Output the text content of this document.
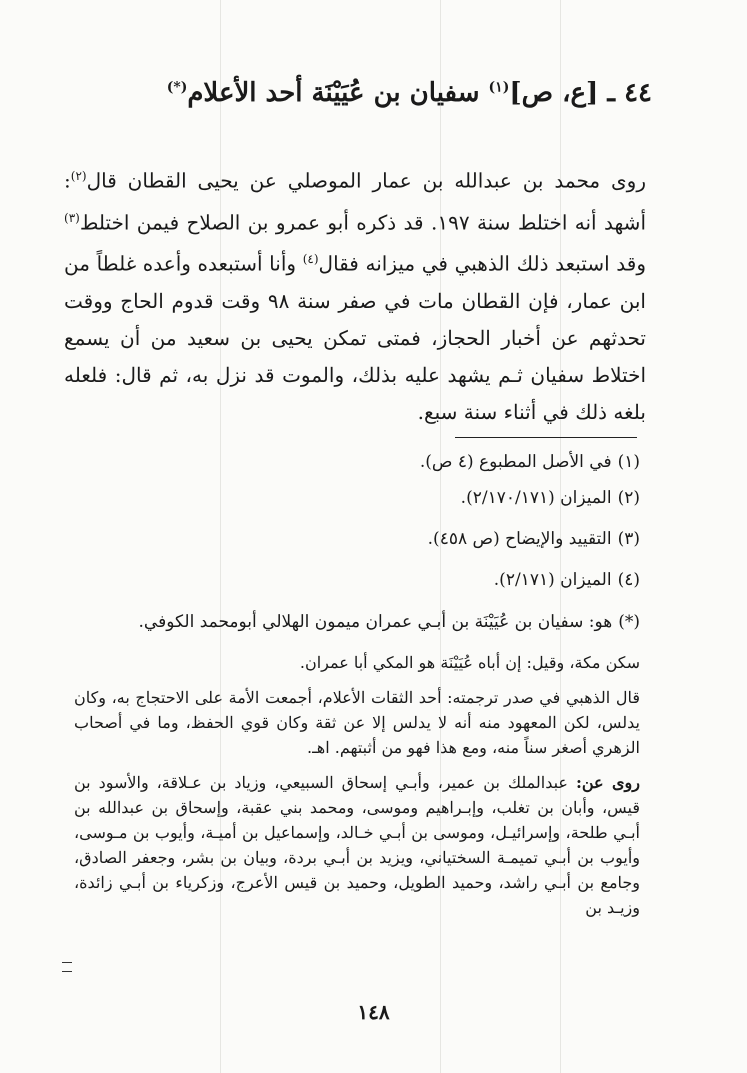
٤٤ ـ [ع، ص]$^{(١)}$ سفيان بن عُيَيْنَة أحد الأعلام(*)

روى محمد بن عبدالله بن عمار الموصلي عن يحيى القطان قال$^{(٢)}$: أشهد أنه اختلط سنة ١٩٧. قد ذكره أبو عمرو بن الصلاح فيمن اختلط$^{(٣)}$ وقد استبعد ذلك الذهبي في ميزانه فقال$^{(٤)}$ وأنا أستبعده وأعده غلطاً من ابن عمار، فإن القطان مات في صفر سنة ٩٨ وقت قدوم الحاج ووقت تحدثهم عن أخبار الحجاز، فمتى تمكن يحيى بن سعيد من أن يسمع اختلاط سفيان ثـم يشهد عليه بذلك، والموت قد نزل به، ثم قال: فلعله بلغه ذلك في أثناء سنة سبع.

(١)في الأصل المطبوع (٤ ص).
(٢)الميزان (٢/١٧٠/١٧١).
(٣)التقييد والإيضاح (ص ٤٥٨).
(٤)الميزان (٢/١٧١).
(*)هو: سفيان بن عُيَيْنَة بن أبـي عمران ميمون الهلالي أبومحمد الكوفي.

سكن مكة، وقيل: إن أباه عُيَيْنَة هو المكي أبا عمران.

قال الذهبي في صدر ترجمته: أحد الثقات الأعلام، أجمعت الأمة على الاحتجاج به، وكان يدلس، لكن المعهود منه أنه لا يدلس إلا عن ثقة وكان قوي الحفظ، وما في أصحاب الزهري أصغر سناً منه، ومع هذا فهو من أثبتهم. اهـ.

روى عن: عبدالملك بن عمير، وأبـي إسحاق السبيعي، وزياد بن عـلاقة، والأسود بن قيس، وأبان بن تغلب، وإبـراهيم وموسى، ومحمد بني عقبة، وإسحاق بن عبدالله بن أبـي طلحة، وإسرائيـل، وموسى بن أبـي خـالد، وإسماعيل بن أميـة، وأيوب بن مـوسى، وأيوب بن أبـي تميمـة السختياني، ويزيد بن أبـي بردة، وبيان بن بشر، وجعفر الصادق، وجامع بن أبـي راشد، وحميد الطويل، وحميد بن قيس الأعرج، وزكرياء بن أبـي زائدة، وزيـد بن

١٤٨
